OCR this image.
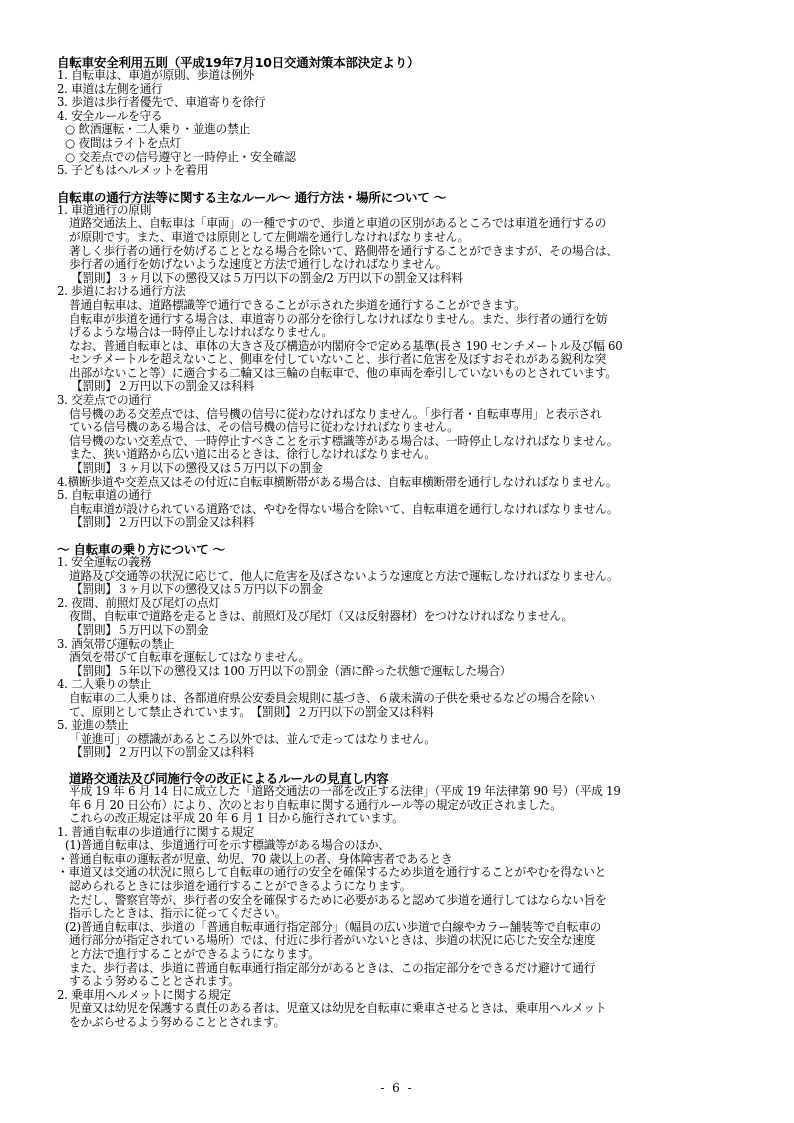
自転車安全利用五則（平成19年7月10日交通対策本部決定より）
1. 自転車は、車道が原則、歩道は例外
2. 車道は左側を通行
3. 歩道は歩行者優先で、車道寄りを徐行
4. 安全ルールを守る
○ 飲酒運転・二人乗り・並進の禁止
○ 夜間はライトを点灯
○ 交差点での信号遵守と一時停止・安全確認
5. 子どもはヘルメットを着用
自転車の通行方法等に関する主なルール～ 通行方法・場所について ～
1. 車道通行の原則
道路交通法上、自転車は「車両」の一種ですので、歩道と車道の区別があるところでは車道を通行するの
が原則です。また、車道では原則として左側端を通行しなければなりません。
著しく歩行者の通行を妨げることとなる場合を除いて、路側帯を通行することができますが、その場合は、
歩行者の通行を妨げないような速度と方法で通行しなければなりません。
【罰則】３ヶ月以下の懲役又は５万円以下の罰金/2 万円以下の罰金又は科料
2. 歩道における通行方法
普通自転車は、道路標識等で通行できることが示された歩道を通行することができます。
自転車が歩道を通行する場合は、車道寄りの部分を徐行しなければなりません。また、歩行者の通行を妨
げるような場合は一時停止しなければなりません。
なお、普通自転車とは、車体の大きさ及び構造が内閣府令で定める基準(長さ 190 センチメートル及び幅 60
センチメートルを超えないこと、側車を付していないこと、歩行者に危害を及ぼすおそれがある鋭利な突
出部がないこと等）に適合する二輪又は三輪の自転車で、他の車両を牽引していないものとされています。
【罰則】２万円以下の罰金又は科料
3. 交差点での通行
信号機のある交差点では、信号機の信号に従わなければなりません。「歩行者・自転車専用」と表示され
ている信号機のある場合は、その信号機の信号に従わなければなりません。
信号機のない交差点で、一時停止すべきことを示す標識等がある場合は、一時停止しなければなりません。
また、狭い道路から広い道に出るときは、徐行しなければなりません。
【罰則】３ヶ月以下の懲役又は５万円以下の罰金
4.横断歩道や交差点又はその付近に自転車横断帯がある場合は、自転車横断帯を通行しなければなりません。
5. 自転車道の通行
自転車道が設けられている道路では、やむを得ない場合を除いて、自転車道を通行しなければなりません。
【罰則】２万円以下の罰金又は科料
～ 自転車の乗り方について ～
1. 安全運転の義務
道路及び交通等の状況に応じて、他人に危害を及ぼさないような速度と方法で運転しなければなりません。
【罰則】３ヶ月以下の懲役又は５万円以下の罰金
2. 夜間、前照灯及び尾灯の点灯
夜間、自転車で道路を走るときは、前照灯及び尾灯（又は反射器材）をつけなければなりません。
【罰則】５万円以下の罰金
3. 酒気帯び運転の禁止
酒気を帯びて自転車を運転してはなりません。
【罰則】５年以下の懲役又は 100 万円以下の罰金（酒に酔った状態で運転した場合）
4. 二人乗りの禁止
自転車の二人乗りは、各都道府県公安委員会規則に基づき、６歳未満の子供を乗せるなどの場合を除い
て、原則として禁止されています。　【罰則】２万円以下の罰金又は科料
5. 並進の禁止
「並進可」の標識があるところ以外では、並んで走ってはなりません。
【罰則】２万円以下の罰金又は科料
道路交通法及び同施行令の改正によるルールの見直し内容
平成 19 年 6 月 14 日に成立した「道路交通法の一部を改正する法律」（平成 19 年法律第 90 号）（平成 19
年 6 月 20 日公布）により、次のとおり自転車に関する通行ルール等の規定が改正されました。
これらの改正規定は平成 20 年 6 月 1 日から施行されています。
1. 普通自転車の歩道通行に関する規定
(1)普通自転車は、歩道通行可を示す標識等がある場合のほか、
・普通自転車の運転者が児童、幼児、70 歳以上の者、身体障害者であるとき
・車道又は交通の状況に照らして自転車の通行の安全を確保するため歩道を通行することがやむを得ないと
認められるときには歩道を通行することができるようになります。
ただし、警察官等が、歩行者の安全を確保するために必要があると認めて歩道を通行してはならない旨を
指示したときは、指示に従ってください。
(2)普通自転車は、歩道の「普通自転車通行指定部分」（幅員の広い歩道で白線やカラー舗装等で自転車の
通行部分が指定されている場所）では、付近に歩行者がいないときは、歩道の状況に応じた安全な速度
と方法で進行することができるようになります。
また、歩行者は、歩道に普通自転車通行指定部分があるときは、この指定部分をできるだけ避けて通行
するよう努めることとされます。
2. 乗車用ヘルメットに関する規定
児童又は幼児を保護する責任のある者は、児童又は幼児を自転車に乗車させるときは、乗車用ヘルメット
をかぶらせるよう努めることとされます。
- 6 -
